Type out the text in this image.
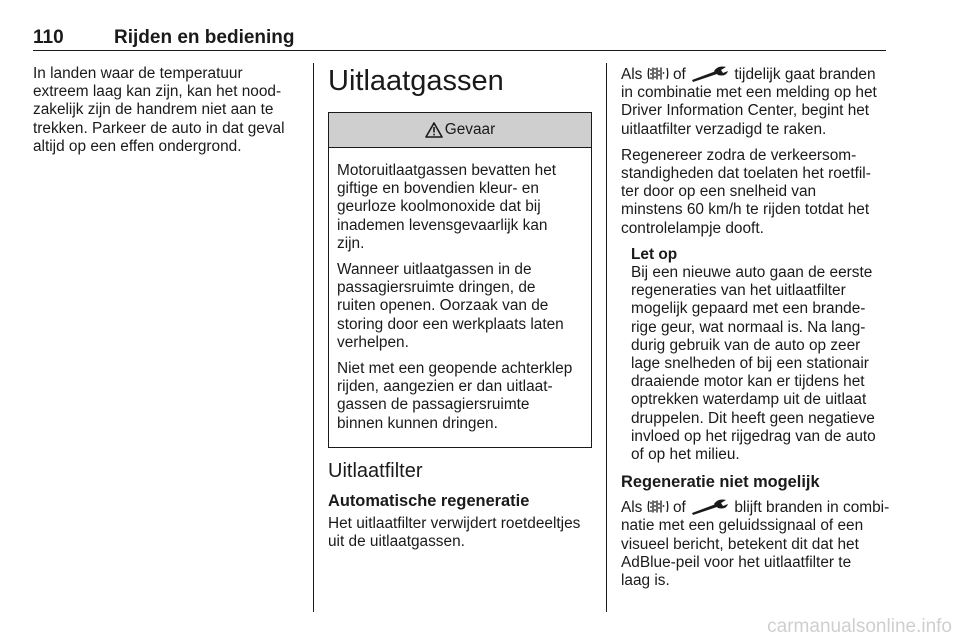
110	Rijden en bediening

In landen waar de temperatuur
extreem laag kan zijn, kan het nood-
zakelijk zijn de handrem niet aan te
trekken. Parkeer de auto in dat geval
altijd op een effen ondergrond.

Uitlaatgassen
Gevaar

Motoruitlaatgassen bevatten het
giftige en bovendien kleur- en
geurloze koolmonoxide dat bij
inademen levensgevaarlijk kan
zijn.

Wanneer uitlaatgassen in de
passagiersruimte dringen, de
ruiten openen. Oorzaak van de
storing door een werkplaats laten
verhelpen.

Niet met een geopende achterklep
rijden, aangezien er dan uitlaat-
gassen de passagiersruimte
binnen kunnen dringen.

Uitlaatfilter
Automatische regeneratie

Het uitlaatfilter verwijdert roetdeeltjes
uit de uitlaatgassen.

Als of	tijdelijk gaat branden
in combinatie met een melding op het
Driver Information Center, begint het
uitlaatfilter verzadigd te raken.

Regenereer zodra de verkeersom-
standigheden dat toelaten het roetfil-
ter door op een snelheid van
minstens 60 km/h te rijden totdat het
controlelampje dooft.

Let op
Bij een nieuwe auto gaan de eerste
regeneraties van het uitlaatfilter
mogelijk gepaard met een brande-
rige geur, wat normaal is. Na lang-
durig gebruik van de auto op zeer
lage snelheden of bij een stationair
draaiende motor kan er tijdens het
optrekken waterdamp uit de uitlaat
druppelen. Dit heeft geen negatieve
invloed op het rijgedrag van de auto
of op het milieu.
Regeneratie niet mogelijk

Als of	blijft branden in combi-
natie met een geluidssignaal of een
visueel bericht, betekent dit dat het
AdBlue-peil voor het uitlaatfilter te
laag is.

carmanualsonline.info
